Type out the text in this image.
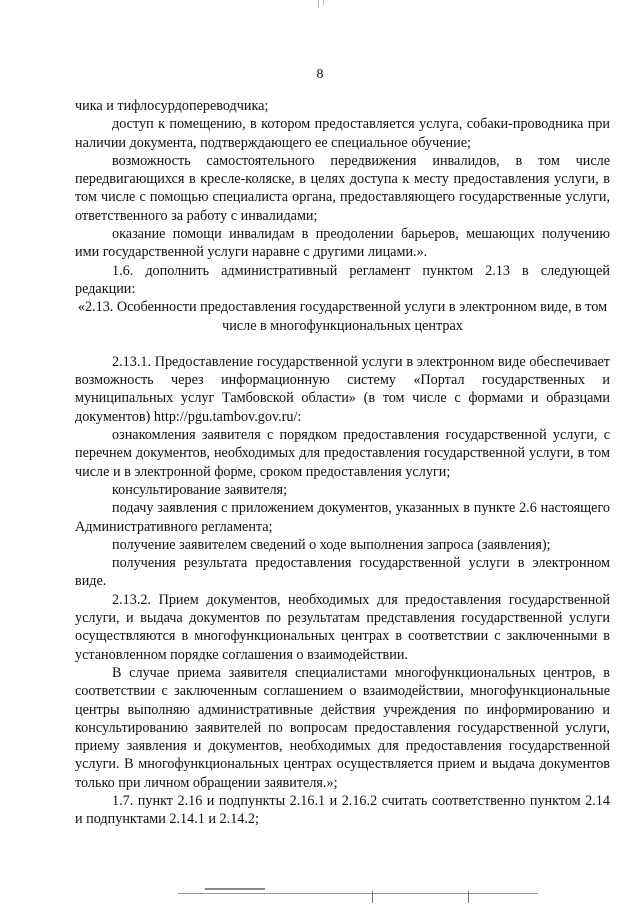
8

чика и тифлосурдопереводчика;

доступ к помещению, в котором предоставляется услуга, собаки-проводника при наличии документа, подтверждающего ее специальное обучение;

возможность самостоятельного передвижения инвалидов, в том числе передвигающихся в кресле-коляске, в целях доступа к месту предоставления услуги, в том числе с помощью специалиста органа, предоставляющего государственные услуги, ответственного за работу с инвалидами;

оказание помощи инвалидам в преодолении барьеров, мешающих получению ими государственной услуги наравне с другими лицами.».

1.6. дополнить административный регламент пунктом 2.13 в следующей редакции:

«2.13. Особенности предоставления государственной услуги в электронном виде, в том числе в многофункциональных центрах

2.13.1. Предоставление государственной услуги в электронном виде обеспечивает возможность через информационную систему «Портал государственных и муниципальных услуг Тамбовской области» (в том числе с формами и образцами документов) http://pgu.tambov.gov.ru/:

ознакомления заявителя с порядком предоставления государственной услуги, с перечнем документов, необходимых для предоставления государственной услуги, в том числе и в электронной форме, сроком предоставления услуги;

консультирование заявителя;

подачу заявления с приложением документов, указанных в пункте 2.6 настоящего Административного регламента;

получение заявителем сведений о ходе выполнения запроса (заявления);

получения результата предоставления государственной услуги в электронном виде.

2.13.2. Прием документов, необходимых для предоставления государственной услуги, и выдача документов по результатам представления государственной услуги осуществляются в многофункциональных центрах в соответствии с заключенными в установленном порядке соглашения о взаимодействии.

В случае приема заявителя специалистами многофункциональных центров, в соответствии с заключенным соглашением о взаимодействии, многофункциональные центры выполняю административные действия учреждения по информированию и консультированию заявителей по вопросам предоставления государственной услуги, приему заявления и документов, необходимых для предоставления государственной услуги. В многофункциональных центрах осуществляется прием и выдача документов только при личном обращении заявителя.»;

1.7. пункт 2.16 и подпункты 2.16.1 и 2.16.2 считать соответственно пунктом 2.14 и подпунктами 2.14.1 и 2.14.2;
